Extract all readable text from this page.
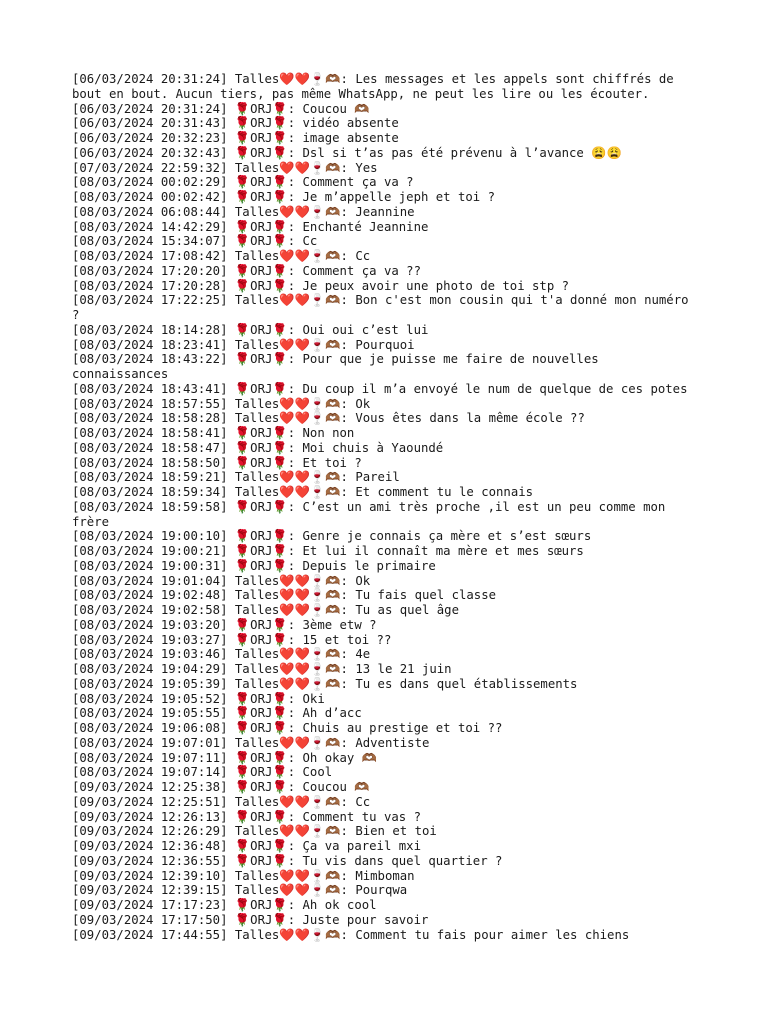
[06/03/2024 20:31:24] Talles❤️❤️🍷🫶🏾: Les messages et les appels sont chiffrés de bout en bout. Aucun tiers, pas même WhatsApp, ne peut les lire ou les écouter.
[06/03/2024 20:31:24] 🌹ORJ🌹: Coucou 🫶🏾
[06/03/2024 20:31:43] 🌹ORJ🌹: vidéo absente
[06/03/2024 20:32:23] 🌹ORJ🌹: image absente
[06/03/2024 20:32:43] 🌹ORJ🌹: Dsl si t’as pas été prévenu à l’avance 😩😩
[07/03/2024 22:59:32] Talles❤️❤️🍷🫶🏾: Yes
[08/03/2024 00:02:29] 🌹ORJ🌹: Comment ça va ?
[08/03/2024 00:02:42] 🌹ORJ🌹: Je m’appelle jeph et toi ?
[08/03/2024 06:08:44] Talles❤️❤️🍷🫶🏾: Jeannine
[08/03/2024 14:42:29] 🌹ORJ🌹: Enchanté Jeannine
[08/03/2024 15:34:07] 🌹ORJ🌹: Cc
[08/03/2024 17:08:42] Talles❤️❤️🍷🫶🏾: Cc
[08/03/2024 17:20:20] 🌹ORJ🌹: Comment ça va ??
[08/03/2024 17:20:28] 🌹ORJ🌹: Je peux avoir une photo de toi stp ?
[08/03/2024 17:22:25] Talles❤️❤️🍷🫶🏾: Bon c'est mon cousin qui t'a donné mon numéro ?
[08/03/2024 18:14:28] 🌹ORJ🌹: Oui oui c’est lui
[08/03/2024 18:23:41] Talles❤️❤️🍷🫶🏾: Pourquoi
[08/03/2024 18:43:22] 🌹ORJ🌹: Pour que je puisse me faire de nouvelles connaissances
[08/03/2024 18:43:41] 🌹ORJ🌹: Du coup il m’a envoyé le num de quelque de ces potes
[08/03/2024 18:57:55] Talles❤️❤️🍷🫶🏾: Ok
[08/03/2024 18:58:28] Talles❤️❤️🍷🫶🏾: Vous êtes dans la même école ??
[08/03/2024 18:58:41] 🌹ORJ🌹: Non non
[08/03/2024 18:58:47] 🌹ORJ🌹: Moi chuis à Yaoundé
[08/03/2024 18:58:50] 🌹ORJ🌹: Et toi ?
[08/03/2024 18:59:21] Talles❤️❤️🍷🫶🏾: Pareil
[08/03/2024 18:59:34] Talles❤️❤️🍷🫶🏾: Et comment tu le connais
[08/03/2024 18:59:58] 🌹ORJ🌹: C’est un ami très proche ,il est un peu comme mon frère
[08/03/2024 19:00:10] 🌹ORJ🌹: Genre je connais ça mère et s’est sœurs
[08/03/2024 19:00:21] 🌹ORJ🌹: Et lui il connaît ma mère et mes sœurs
[08/03/2024 19:00:31] 🌹ORJ🌹: Depuis le primaire
[08/03/2024 19:01:04] Talles❤️❤️🍷🫶🏾: Ok
[08/03/2024 19:02:48] Talles❤️❤️🍷🫶🏾: Tu fais quel classe
[08/03/2024 19:02:58] Talles❤️❤️🍷🫶🏾: Tu as quel âge
[08/03/2024 19:03:20] 🌹ORJ🌹: 3ème etw ?
[08/03/2024 19:03:27] 🌹ORJ🌹: 15 et toi ??
[08/03/2024 19:03:46] Talles❤️❤️🍷🫶🏾: 4e
[08/03/2024 19:04:29] Talles❤️❤️🍷🫶🏾: 13 le 21 juin
[08/03/2024 19:05:39] Talles❤️❤️🍷🫶🏾: Tu es dans quel établissements
[08/03/2024 19:05:52] 🌹ORJ🌹: Oki
[08/03/2024 19:05:55] 🌹ORJ🌹: Ah d’acc
[08/03/2024 19:06:08] 🌹ORJ🌹: Chuis au prestige et toi ??
[08/03/2024 19:07:01] Talles❤️❤️🍷🫶🏾: Adventiste
[08/03/2024 19:07:11] 🌹ORJ🌹: Oh okay 🫶🏾
[08/03/2024 19:07:14] 🌹ORJ🌹: Cool
[09/03/2024 12:25:38] 🌹ORJ🌹: Coucou 🫶🏾
[09/03/2024 12:25:51] Talles❤️❤️🍷🫶🏾: Cc
[09/03/2024 12:26:13] 🌹ORJ🌹: Comment tu vas ?
[09/03/2024 12:26:29] Talles❤️❤️🍷🫶🏾: Bien et toi
[09/03/2024 12:36:48] 🌹ORJ🌹: Ça va pareil mxi
[09/03/2024 12:36:55] 🌹ORJ🌹: Tu vis dans quel quartier ?
[09/03/2024 12:39:10] Talles❤️❤️🍷🫶🏾: Mimboman
[09/03/2024 12:39:15] Talles❤️❤️🍷🫶🏾: Pourqwa
[09/03/2024 17:17:23] 🌹ORJ🌹: Ah ok cool
[09/03/2024 17:17:50] 🌹ORJ🌹: Juste pour savoir
[09/03/2024 17:44:55] Talles❤️❤️🍷🫶🏾: Comment tu fais pour aimer les chiens
